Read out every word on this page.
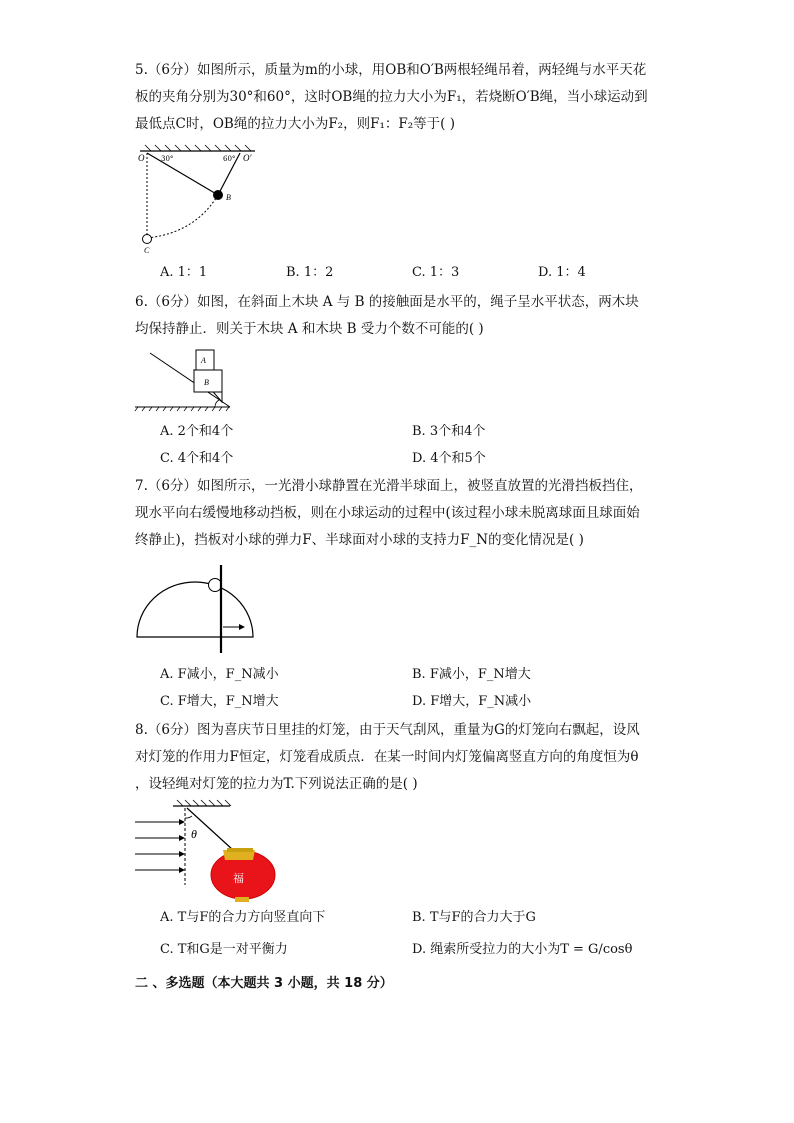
5.（6分）如图所示，质量为m的小球，用OB和O′B两根轻绳吊着，两轻绳与水平天花
板的夹角分别为30°和60°，这时OB绳的拉力大小为F₁，若烧断O′B绳，当小球运动到
最低点C时，OB绳的拉力大小为F₂，则F₁：F₂等于( )
O	O′
30°	60°
B
C
A. 1：1	B. 1：2	C. 1：3	D. 1：4
6.（6分）如图，在斜面上木块 A 与 B 的接触面是水平的，绳子呈水平状态，两木块
均保持静止．则关于木块 A 和木块 B 受力个数不可能的( )
A
B
A. 2个和4个	B. 3个和4个
C. 4个和4个	D. 4个和5个
7.（6分）如图所示，一光滑小球静置在光滑半球面上，被竖直放置的光滑挡板挡住，
现水平向右缓慢地移动挡板，则在小球运动的过程中(该过程小球未脱离球面且球面始
终静止)，挡板对小球的弹力F、半球面对小球的支持力F_N的变化情况是( )
A. F减小，F_N减小	B. F减小，F_N增大
C. F增大，F_N增大	D. F增大，F_N减小
8.（6分）图为喜庆节日里挂的灯笼，由于天气刮风，重量为G的灯笼向右飘起，设风
对灯笼的作用力F恒定，灯笼看成质点．在某一时间内灯笼偏离竖直方向的角度恒为θ
，设轻绳对灯笼的拉力为T.下列说法正确的是( )
θ
福
A. T与F的合力方向竖直向下	B. T与F的合力大于G
C. T和G是一对平衡力	D. 绳索所受拉力的大小为T = G/cosθ
二 、多选题（本大题共 3 小题，共 18 分）
